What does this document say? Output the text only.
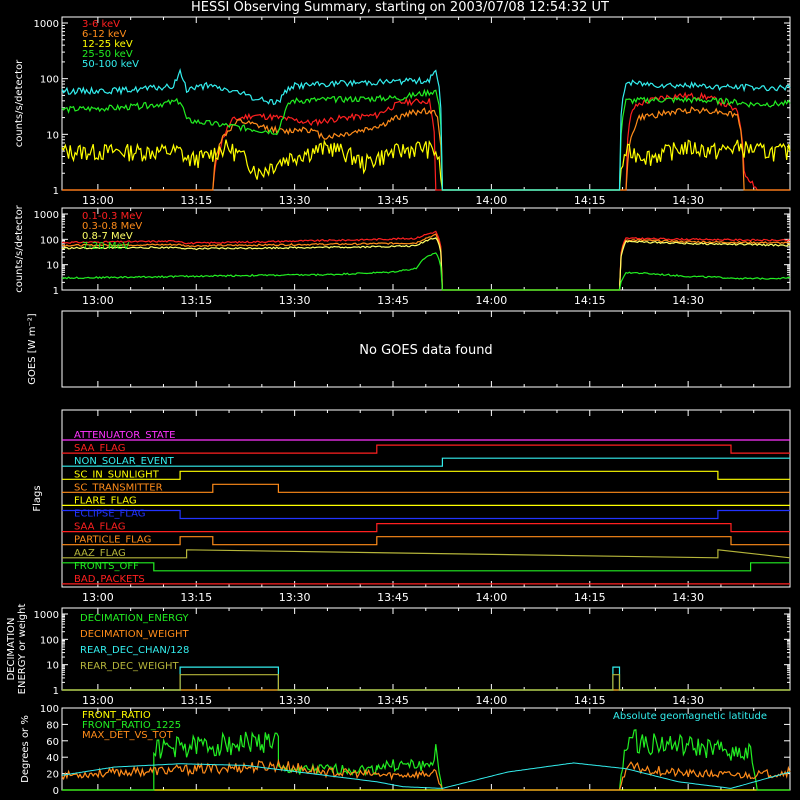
HESSI Observing Summary, starting on 2003/07/08 12:54:32 UT
13:00	13:15	13:30	13:45	14:00	14:15	14:30
1
10
100
1000
counts/s/detector
3-6 keV
6-12 keV
12-25 keV
25-50 keV
50-100 keV
13:00	13:15	13:30	13:45	14:00	14:15	14:30
1
10
100
1000
counts/s/detector	0.1-0.3 MeV
0.3-0.8 MeV
0.8-7 MeV
7-20 MeV
GOES [W m⁻²]	No GOES data found
13:00	13:15	13:30	13:45	14:00	14:15	14:30
Flags
ATTENUATOR_STATE
SAA_FLAG
NON_SOLAR_EVENT
SC_IN_SUNLIGHT
SC_TRANSMITTER
FLARE_FLAG
ECLIPSE_FLAG
SAA_FLAG
PARTICLE_FLAG
AAZ_FLAG
FRONTS_OFF
BAD_PACKETS
13:00	13:15	13:30	13:45	14:00	14:15	14:30
1
10
100
1000
DECIMATION ENERGY or weight	DECIMATION_ENERGY
DECIMATION_WEIGHT
REAR_DEC_CHAN/128
REAR_DEC_WEIGHT
Degrees or %
0
20
40
60
80
100
FRONT_RATIO
FRONT_RATIO_1225
MAX_DET_VS_TOT
Absolute geomagnetic latitude
